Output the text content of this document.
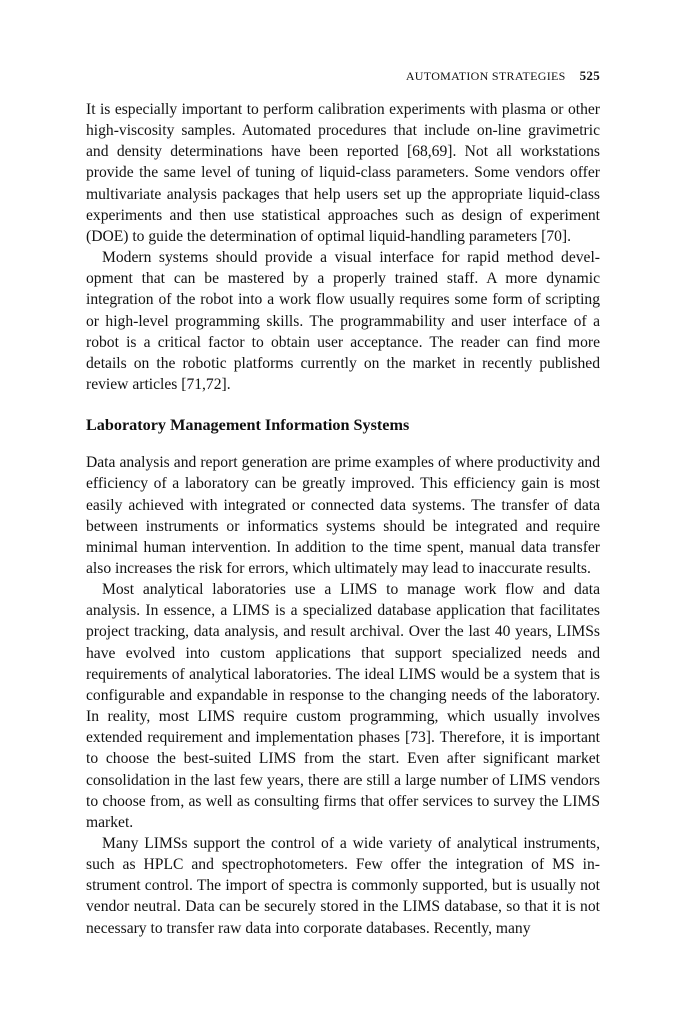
AUTOMATION STRATEGIES 525

It is especially important to perform calibration experiments with plasma or other high-viscosity samples. Automated procedures that include on-line gravimetric and density determinations have been reported [68,69]. Not all workstations provide the same level of tuning of liquid-class parameters. Some vendors offer multivariate analysis packages that help users set up the appropriate liquid-class experiments and then use statistical approaches such as design of experiment (DOE) to guide the determination of optimal liquid-handling parameters [70].

Modern systems should provide a visual interface for rapid method development that can be mastered by a properly trained staff. A more dynamic integration of the robot into a work flow usually requires some form of scripting or high-level programming skills. The programmability and user interface of a robot is a critical factor to obtain user acceptance. The reader can find more details on the robotic platforms currently on the market in recently published review articles [71,72].

Laboratory Management Information Systems

Data analysis and report generation are prime examples of where productivity and efficiency of a laboratory can be greatly improved. This efficiency gain is most easily achieved with integrated or connected data systems. The transfer of data between instruments or informatics systems should be integrated and require minimal human intervention. In addition to the time spent, manual data transfer also increases the risk for errors, which ultimately may lead to inaccurate results.

Most analytical laboratories use a LIMS to manage work flow and data analysis. In essence, a LIMS is a specialized database application that facilitates project tracking, data analysis, and result archival. Over the last 40 years, LIMSs have evolved into custom applications that support specialized needs and requirements of analytical laboratories. The ideal LIMS would be a system that is configurable and expandable in response to the changing needs of the laboratory. In reality, most LIMS require custom programming, which usually involves extended requirement and implementation phases [73]. Therefore, it is important to choose the best-suited LIMS from the start. Even after significant market consolidation in the last few years, there are still a large number of LIMS vendors to choose from, as well as consulting firms that offer services to survey the LIMS market.

Many LIMSs support the control of a wide variety of analytical instruments, such as HPLC and spectrophotometers. Few offer the integration of MS instrument control. The import of spectra is commonly supported, but is usually not vendor neutral. Data can be securely stored in the LIMS database, so that it is not necessary to transfer raw data into corporate databases. Recently, many
